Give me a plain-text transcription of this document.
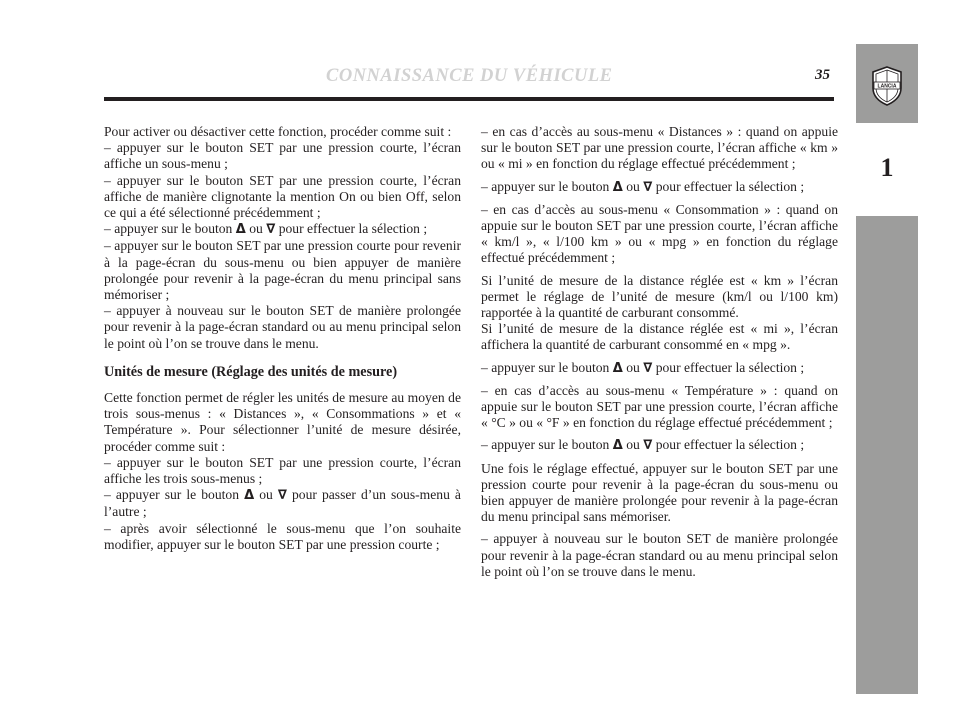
CONNAISSANCE DU VÉHICULE	35
LANCIA
1

Pour activer ou désactiver cette fonction, procéder comme suit :

– appuyer sur le bouton SET par une pression courte, l’écran affiche un sous-menu ;

– appuyer sur le bouton SET par une pression courte, l’écran affiche de manière clignotante la mention On ou bien Off, selon ce qui a été sélectionné précédemment ;

– appuyer sur le bouton Δ ou ∇ pour effectuer la sélection ;

– appuyer sur le bouton SET par une pression courte pour revenir à la page-écran du sous-menu ou bien appuyer de manière prolongée pour revenir à la page-écran du menu principal sans mémoriser ;

– appuyer à nouveau sur le bouton SET de manière prolongée pour revenir à la page-écran standard ou au menu principal selon le point où l’on se trouve dans le menu.

Unités de mesure (Réglage des unités de mesure)

Cette fonction permet de régler les unités de mesure au moyen de trois sous-menus : « Distances », « Consommations » et « Température ». Pour sélectionner l’unité de mesure désirée, procéder comme suit :

– appuyer sur le bouton SET par une pression courte, l’écran affiche les trois sous-menus ;

– appuyer sur le bouton Δ ou ∇ pour passer d’un sous-menu à l’autre ;

– après avoir sélectionné le sous-menu que l’on souhaite modifier, appuyer sur le bouton SET par une pression courte ;

– en cas d’accès au sous-menu « Distances » : quand on appuie sur le bouton SET par une pression courte, l’écran affiche « km » ou « mi » en fonction du réglage effectué précédemment ;

– appuyer sur le bouton Δ ou ∇ pour effectuer la sélection ;

– en cas d’accès au sous-menu « Consommation » : quand on appuie sur le bouton SET par une pression courte, l’écran affiche « km/l », « l/100 km » ou « mpg » en fonction du réglage effectué précédemment ;

Si l’unité de mesure de la distance réglée est « km » l’écran permet le réglage de l’unité de mesure (km/l ou l/100 km) rapportée à la quantité de carburant consommé.

Si l’unité de mesure de la distance réglée est « mi », l’écran affichera la quantité de carburant consommé en « mpg ».

– appuyer sur le bouton Δ ou ∇ pour effectuer la sélection ;

– en cas d’accès au sous-menu « Température » : quand on appuie sur le bouton SET par une pression courte, l’écran affiche « °C » ou « °F » en fonction du réglage effectué précédemment ;

– appuyer sur le bouton Δ ou ∇ pour effectuer la sélection ;

Une fois le réglage effectué, appuyer sur le bouton SET par une pression courte pour revenir à la page-écran du sous-menu ou bien appuyer de manière prolongée pour revenir à la page-écran du menu principal sans mémoriser.

– appuyer à nouveau sur le bouton SET de manière prolongée pour revenir à la page-écran standard ou au menu principal selon le point où l’on se trouve dans le menu.
